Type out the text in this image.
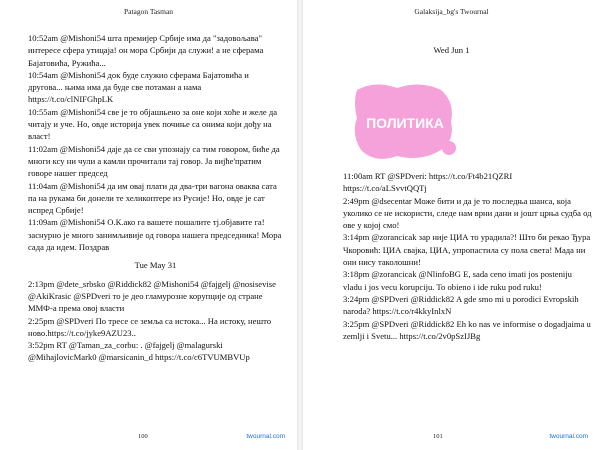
Patagon Tasman

10:52am @Mishoni54 шта премијер Србије има да "задовољава" интересе сфера утицаја! он мора Србији да служи! а не сферама Бајатовића, Ружића...

10:54am @Mishoni54 док буде служио сферама Бајатовића и другова... њима има да буде све потаман а нама https://t.co/clNIFGhpLK

10:55am @Mishoni54 све је то објашњено за оне који хоће и желе да читају и уче. Но, овде историја увек почиње са онима који дођу на власт!

11:02am @Mishoni54 даје да се сви упознају са тим говором, биће да многи ксу ни чули а камли прочитали тај говор. Ја вијће'пратим говоре нашег председ

11:04am @Mishoni54 да им овај плати да два-три вагона оваква сата па на рукама би донели те хеликоптере из Русије! Но, овде је сат испред Србије!

11:09am @Mishoni54 О.К.ако га вашете пошалите тј.објавите га! заснурно је много занимљивије од говора нашега председника! Мора сада да идем. Поздрав

Tue May 31

2:13pm @dete_srbsko @Riddick82 @Mishoni54 @fajgelj @nosisevise @AkiKrasic @SPDveri то је део гламурозне корупције од стране ММФ-а према овој власти

2:25pm @SPDveri По тресе се земља са истока... На истоку, нешто ново.https://t.co/jyke9AZU23..

3:52pm RT @Taman_za_corbu: . @fajgelj @malagurski @MihajlovicMark0 @marsicanin_d https://t.co/c6TVUMBVUp

100	twournal.com
Galaksija_bg's Twournal
Wed Jun 1
ПОЛИТИКА

11:00am RT @SPDveri: https://t.co/Ft4b21QZRI https://t.co/aLSvvtQQTj

2:49pm @dsecentar Може бити и да је то последња шанса, која уколико се не искористи, следе нам врни дани и јошт црња судба од ове у којој смо!

3:14pm @zorancicak зар није ЦИА то урадила?! Што би рекао Ђура Чкоровић: ЦИА свајка, ЦИА, упропастила су пола света! Мада ни они нису таколошни!

3:18pm @zorancicak @NlinfoBG E, sada ceno imati jos posteniju vladu i jos vecu korupciju. To obieno i ide ruku pod ruku!

3:24pm @SPDveri @Riddick82 A gde smo mi u porodici Evropskih naroda? https://t.co/r4kkyInlxN

3:25pm @SPDveri @Riddick82 Eh ko nas ve informise o dogadjaima u zemlji i Svetu... https://t.co/2v0pSzIJBg

101	twournal.com
